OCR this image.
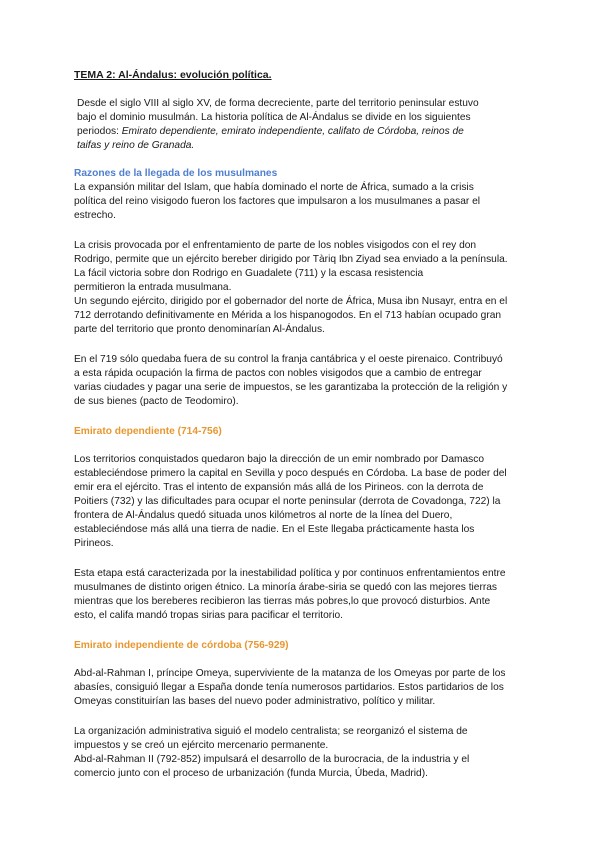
TEMA 2: Al-Ándalus: evolución política.
Desde el siglo VIII al siglo XV, de forma decreciente, parte del territorio peninsular estuvo
bajo el dominio musulmán. La historia política de Al-Ándalus se divide en los siguientes
periodos: Emirato dependiente, emirato independiente, califato de Córdoba, reinos de
taifas y reino de Granada.
Razones de la llegada de los musulmanes
La expansión militar del Islam, que había dominado el norte de África, sumado a la crisis
política del reino visigodo fueron los factores que impulsaron a los musulmanes a pasar el
estrecho.
La crisis provocada por el enfrentamiento de parte de los nobles visigodos con el rey don
Rodrigo, permite que un ejército bereber dirigido por Tàriq Ibn Ziyad sea enviado a la península.
La fácil victoria sobre don Rodrigo en Guadalete (711) y la escasa resistencia
permitieron la entrada musulmana.
Un segundo ejército, dirigido por el gobernador del norte de África, Musa ibn Nusayr, entra en el
712 derrotando definitivamente en Mérida a los hispanogodos. En el 713 habían ocupado gran
parte del territorio que pronto denominarían Al-Ándalus.
En el 719 sólo quedaba fuera de su control la franja cantábrica y el oeste pirenaico. Contribuyó
a esta rápida ocupación la firma de pactos con nobles visigodos que a cambio de entregar
varias ciudades y pagar una serie de impuestos, se les garantizaba la protección de la religión y
de sus bienes (pacto de Teodomiro).
Emirato dependiente (714-756)
Los territorios conquistados quedaron bajo la dirección de un emir nombrado por Damasco
estableciéndose primero la capital en Sevilla y poco después en Córdoba. La base de poder del
emir era el ejército. Tras el intento de expansión más allá de los Pirineos. con la derrota de
Poitiers (732) y las dificultades para ocupar el norte peninsular (derrota de Covadonga, 722) la
frontera de Al-Ándalus quedó situada unos kilómetros al norte de la línea del Duero,
estableciéndose más allá una tierra de nadie. En el Este llegaba prácticamente hasta los
Pirineos.
Esta etapa está caracterizada por la inestabilidad política y por continuos enfrentamientos entre
musulmanes de distinto origen étnico. La minoría árabe-siria se quedó con las mejores tierras
mientras que los bereberes recibieron las tierras más pobres,lo que provocó disturbios. Ante
esto, el califa mandó tropas sirias para pacificar el territorio.
Emirato independiente de córdoba (756-929)
Abd-al-Rahman I, príncipe Omeya, superviviente de la matanza de los Omeyas por parte de los
abasíes, consiguió llegar a España donde tenía numerosos partidarios. Estos partidarios de los
Omeyas constituirían las bases del nuevo poder administrativo, político y militar.
La organización administrativa siguió el modelo centralista; se reorganizó el sistema de
impuestos y se creó un ejército mercenario permanente.
Abd-al-Rahman II (792-852) impulsará el desarrollo de la burocracia, de la industria y el
comercio junto con el proceso de urbanización (funda Murcia, Úbeda, Madrid).
